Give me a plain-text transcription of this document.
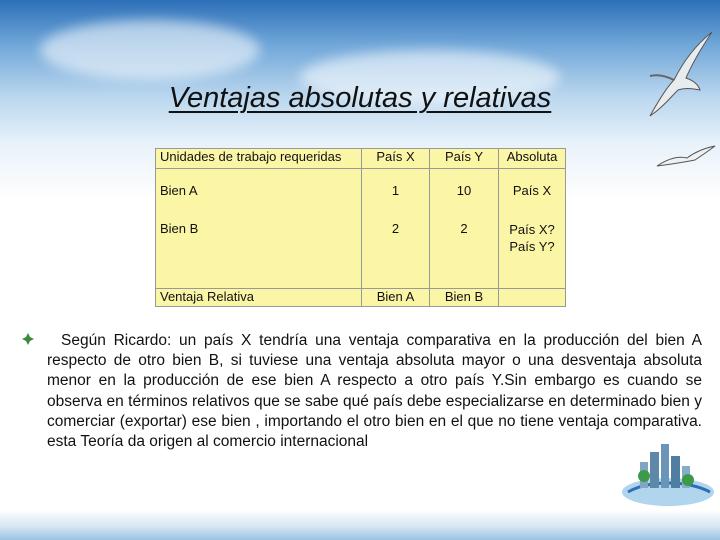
Ventajas absolutas y relativas
Unidades de trabajo requeridas	País X	País Y	Absoluta
Bien A	1	10	País X
Bien B	2	2	País X?
País Y?

Ventaja Relativa	Bien A	Bien B	
Según Ricardo: un país X tendría una ventaja comparativa en la producción del bien A respecto de otro bien B, si tuviese una ventaja absoluta mayor o una desventaja absoluta menor en la producción de ese bien A respecto a otro país Y.Sin embargo es cuando se observa en términos relativos que se sabe qué país debe especializarse en determinado bien y comerciar (exportar) ese bien , importando el otro bien en el que no tiene ventaja comparativa. esta Teoría da origen al comercio internacional
